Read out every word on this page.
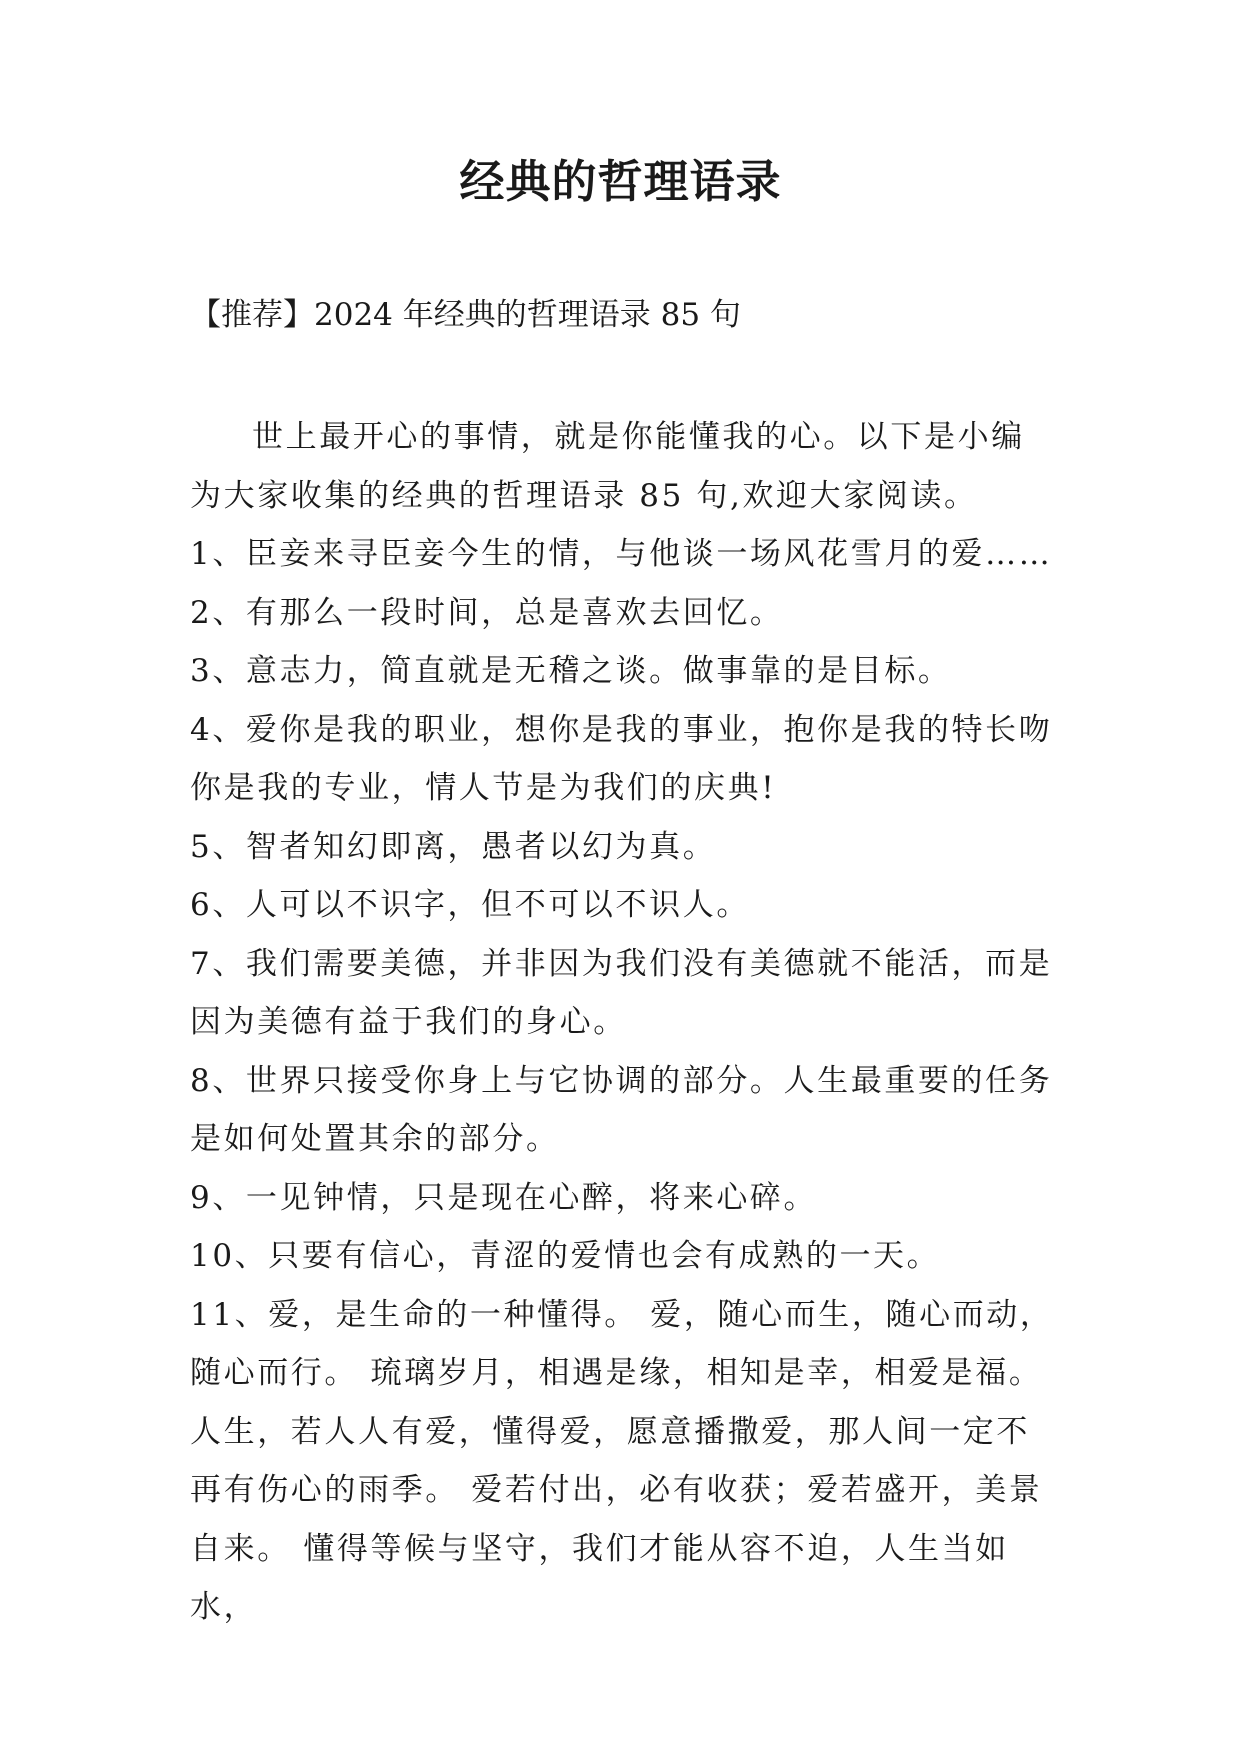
经典的哲理语录

【推荐】2024 年经典的哲理语录 85 句

世上最开心的事情，就是你能懂我的心。以下是小编为大家收集的经典的哲理语录 85 句,欢迎大家阅读。

1、臣妾来寻臣妾今生的情，与他谈一场风花雪月的爱……

2、有那么一段时间，总是喜欢去回忆。

3、意志力，简直就是无稽之谈。做事靠的是目标。

4、爱你是我的职业，想你是我的事业，抱你是我的特长吻你是我的专业，情人节是为我们的庆典!

5、智者知幻即离，愚者以幻为真。

6、人可以不识字，但不可以不识人。

7、我们需要美德，并非因为我们没有美德就不能活，而是因为美德有益于我们的身心。

8、世界只接受你身上与它协调的部分。人生最重要的任务是如何处置其余的部分。

9、一见钟情，只是现在心醉，将来心碎。

10、只要有信心，青涩的爱情也会有成熟的一天。

11、爱，是生命的一种懂得。 爱，随心而生，随心而动，随心而行。 琉璃岁月，相遇是缘，相知是幸，相爱是福。人生，若人人有爱，懂得爱，愿意播撒爱，那人间一定不再有伤心的雨季。 爱若付出，必有收获；爱若盛开，美景自来。 懂得等候与坚守，我们才能从容不迫，人生当如水，
